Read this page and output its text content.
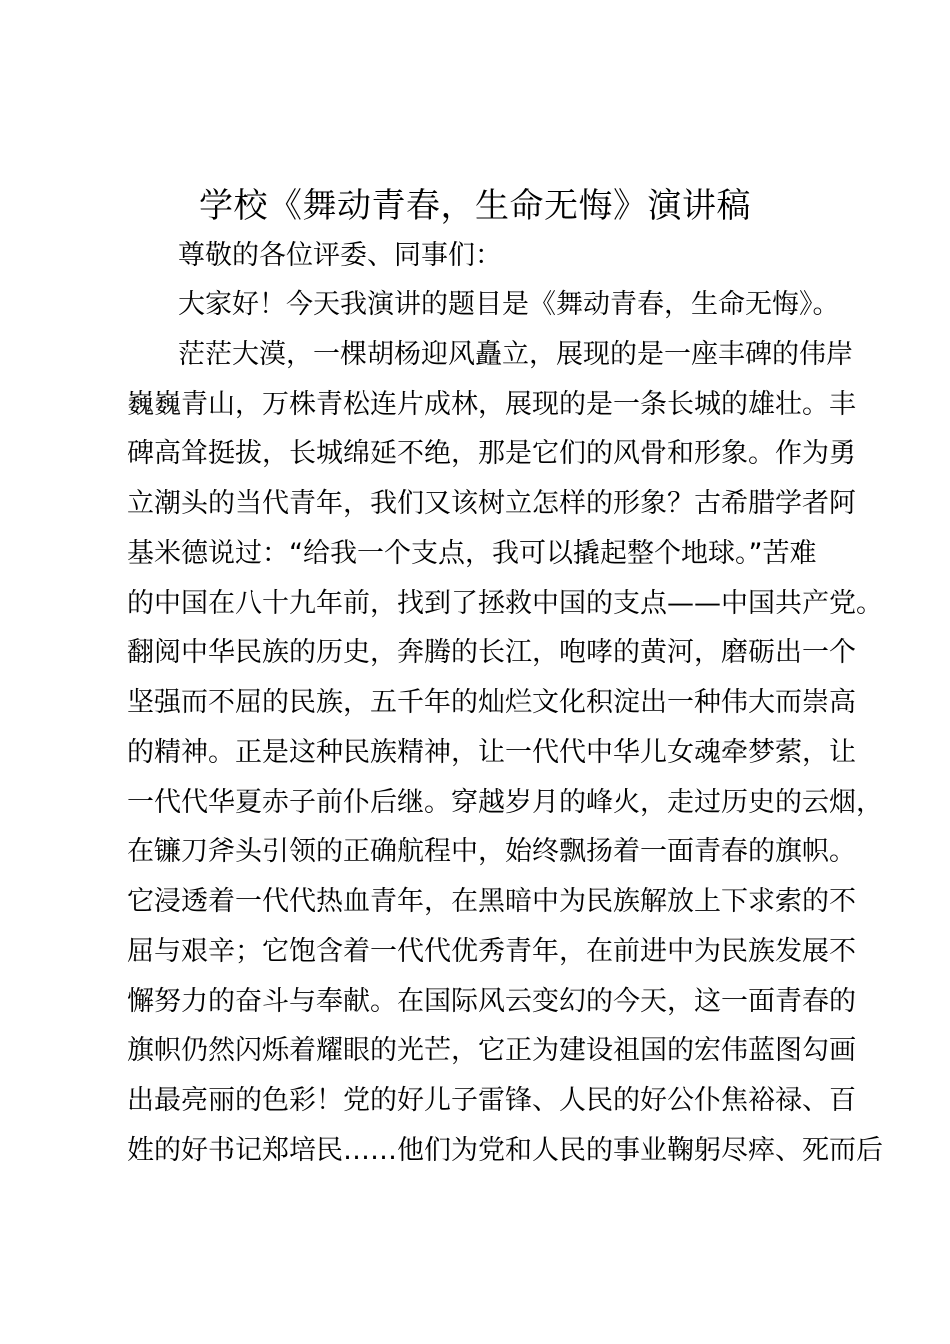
学校《舞动青春，生命无悔》演讲稿
尊敬的各位评委、同事们：
大家好！今天我演讲的题目是《舞动青春，生命无悔》。
茫茫大漠，一棵胡杨迎风矗立，展现的是一座丰碑的伟岸
巍巍青山，万株青松连片成林，展现的是一条长城的雄壮。丰
碑高耸挺拔，长城绵延不绝，那是它们的风骨和形象。作为勇
立潮头的当代青年，我们又该树立怎样的形象？古希腊学者阿
基米德说过：“给我一个支点，我可以撬起整个地球。”苦难
的中国在八十九年前，找到了拯救中国的支点——中国共产党。
翻阅中华民族的历史，奔腾的长江，咆哮的黄河，磨砺出一个
坚强而不屈的民族，五千年的灿烂文化积淀出一种伟大而崇高
的精神。正是这种民族精神，让一代代中华儿女魂牵梦萦，让
一代代华夏赤子前仆后继。穿越岁月的峰火，走过历史的云烟，
在镰刀斧头引领的正确航程中，始终飘扬着一面青春的旗帜。
它浸透着一代代热血青年，在黑暗中为民族解放上下求索的不
屈与艰辛；它饱含着一代代优秀青年，在前进中为民族发展不
懈努力的奋斗与奉献。在国际风云变幻的今天，这一面青春的
旗帜仍然闪烁着耀眼的光芒，它正为建设祖国的宏伟蓝图勾画
出最亮丽的色彩！党的好儿子雷锋、人民的好公仆焦裕禄、百
姓的好书记郑培民……他们为党和人民的事业鞠躬尽瘁、死而后
